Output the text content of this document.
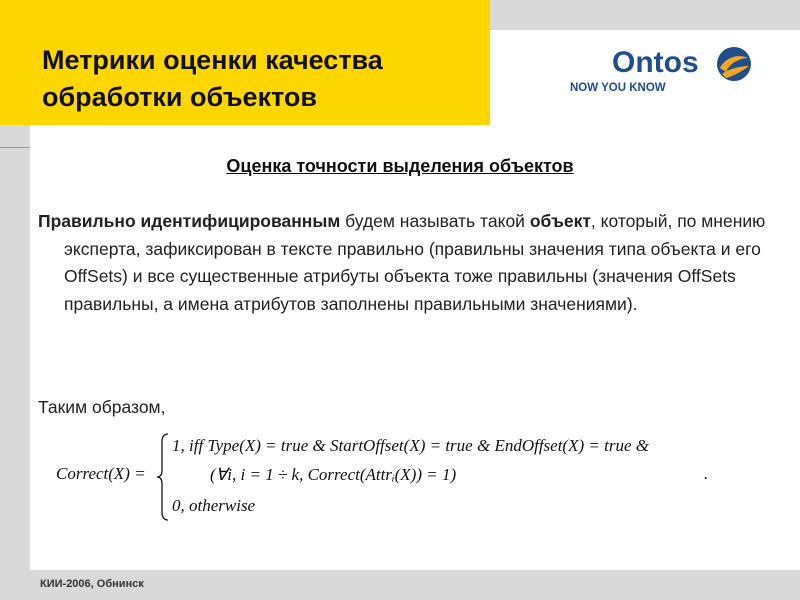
Метрики оценки качества
обработки объектов
Ontos
NOW YOU KNOW
Оценка точности выделения объектов
Правильно идентифицированным будем называть такой объект, который, по мнению эксперта, зафиксирован в тексте правильно (правильны значения типа объекта и его OffSets) и все существенные атрибуты объекта тоже правильны (значения OffSets правильны, а имена атрибутов заполнены правильными значениями).
Таким образом,
Correct(X) =
1, iff Type(X) = true & StartOffset(X) = true & EndOffset(X) = true &
(∀i, i = 1 ÷ k, Correct(Attrᵢ(X)) = 1)
0, otherwise
.
КИИ-2006, Обнинск
